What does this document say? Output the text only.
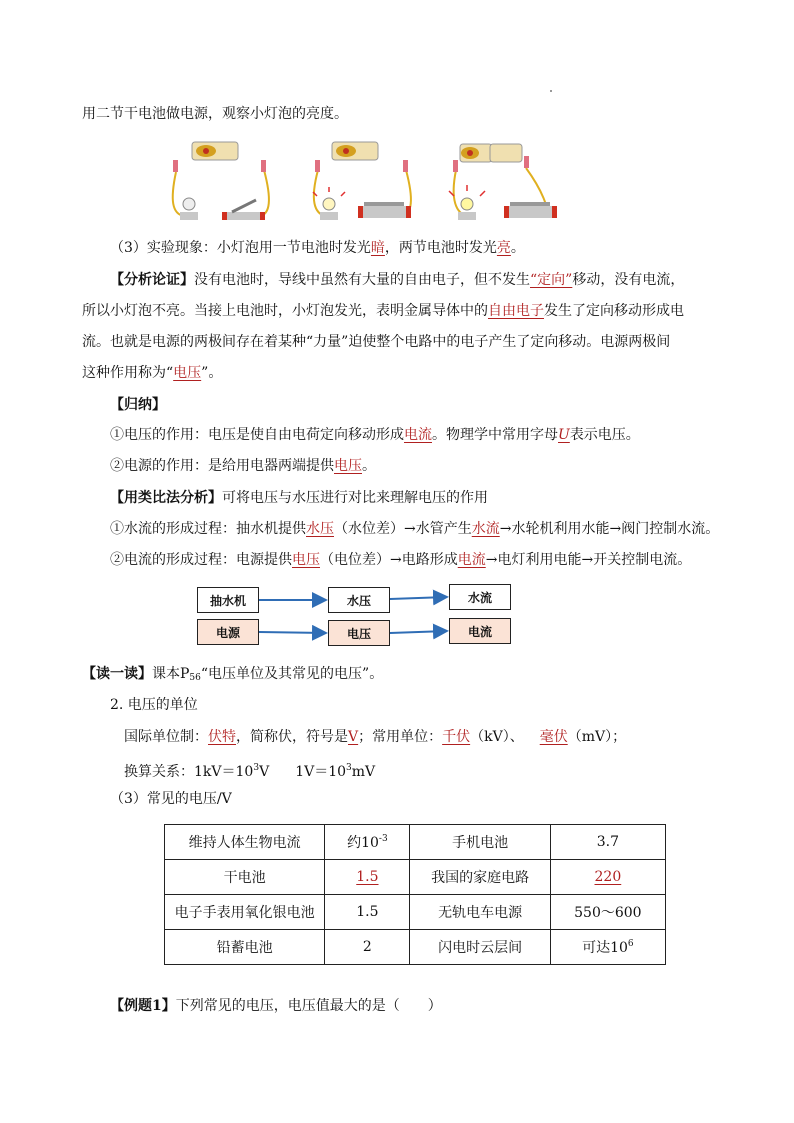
用二节干电池做电源，观察小灯泡的亮度。
（3）实验现象：小灯泡用一节电池时发光暗，两节电池时发光亮。
【分析论证】没有电池时，导线中虽然有大量的自由电子，但不发生“定向”移动，没有电流，
所以小灯泡不亮。当接上电池时，小灯泡发光，表明金属导体中的自由电子发生了定向移动形成电
流。也就是电源的两极间存在着某种“力量”迫使整个电路中的电子产生了定向移动。电源两极间
这种作用称为“电压”。
【归纳】
①电压的作用：电压是使自由电荷定向移动形成电流。物理学中常用字母U表示电压。
②电源的作用：是给用电器两端提供电压。
【用类比法分析】可将电压与水压进行对比来理解电压的作用
①水流的形成过程：抽水机提供水压（水位差）→水管产生水流→水轮机利用水能→阀门控制水流。
②电流的形成过程：电源提供电压（电位差）→电路形成电流→电灯利用电能→开关控制电流。
抽水机	水压	水流
电源	电压	电流
【读一读】课本$P_{56}“$电压单位及其常见的电压”。
2. 电压的单位
国际单位制：伏特，简称伏，符号是V；常用单位：千伏（kV）、 毫伏（mV）；
换算关系：$1kV=10^3V$ $1V=10^3mV$
（3）常见的电压/V
维持人体生物电流	约$10^{-3}$	手机电池	3.7
干电池	1.5	我国的家庭电路	220
电子手表用氧化银电池	1.5	无轨电车电源	550～600
铅蓄电池	2	闪电时云层间	可达$10^6$
【例题1】下列常见的电压，电压值最大的是（　　）
